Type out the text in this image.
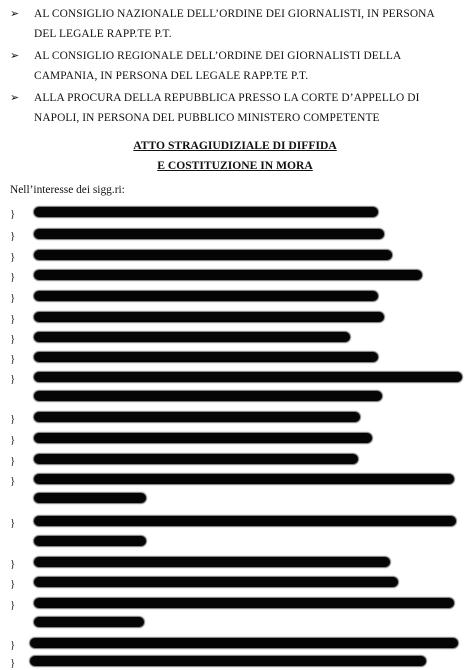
➢	AL CONSIGLIO NAZIONALE DELL’ORDINE DEI GIORNALISTI, IN PERSONA
DEL LEGALE RAPP.TE P.T.
➢	AL CONSIGLIO REGIONALE DELL’ORDINE DEI GIORNALISTI DELLA
CAMPANIA, IN PERSONA DEL LEGALE RAPP.TE P.T.
➢	ALLA PROCURA DELLA REPUBBLICA PRESSO LA CORTE D’APPELLO DI
NAPOLI, IN PERSONA DEL PUBBLICO MINISTERO COMPETENTE
ATTO STRAGIUDIZIALE DI DIFFIDA
E COSTITUZIONE IN MORA
Nell’interesse dei sigg.ri:
}
}
}
}
}
}
}
}
}
}
}
}
}
}
}
}
}
}
}
